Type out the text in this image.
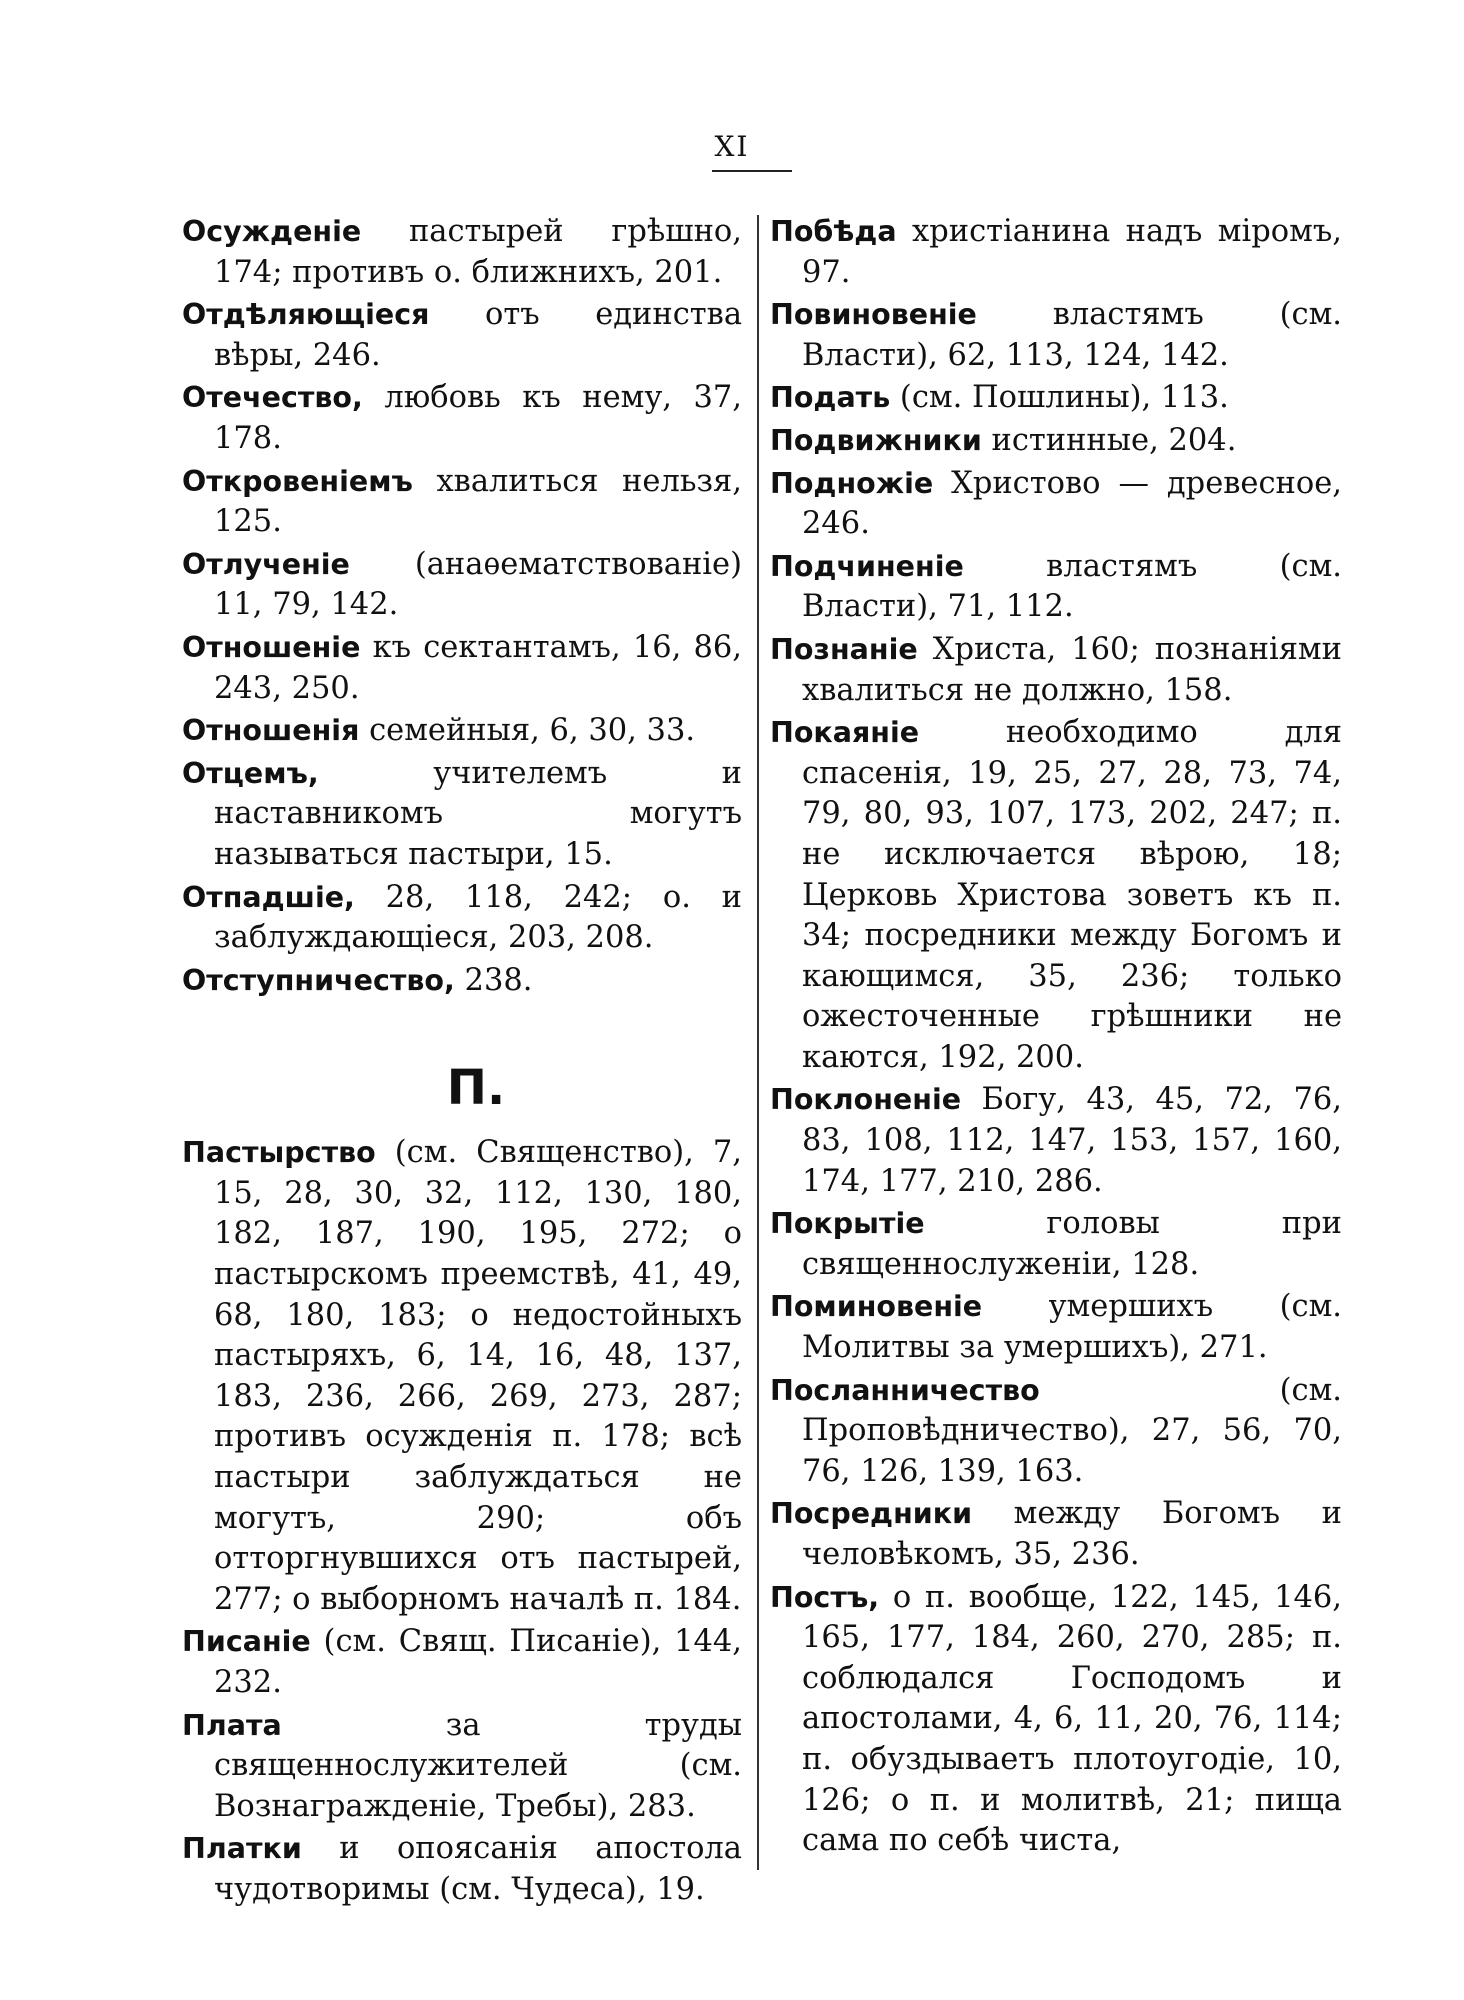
XI

Осужденіе пастырей грѣшно, 174; противъ о. ближнихъ, 201.

Отдѣляющіеся отъ единства вѣры, 246.

Отечество, любовь къ нему, 37, 178.

Откровеніемъ хвалиться нельзя, 125.

Отлученіе (анаѳематствованіе) 11, 79, 142.

Отношеніе къ сектантамъ, 16, 86, 243, 250.

Отношенія семейныя, 6, 30, 33.

Отцемъ, учителемъ и наставникомъ могутъ называться пастыри, 15.

Отпадшіе, 28, 118, 242; о. и заблуждающіеся, 203, 208.

Отступничество, 238.

П.

Пастырство (см. Священство), 7, 15, 28, 30, 32, 112, 130, 180, 182, 187, 190, 195, 272; о пастырскомъ преемствѣ, 41, 49, 68, 180, 183; о недостойныхъ пастыряхъ, 6, 14, 16, 48, 137, 183, 236, 266, 269, 273, 287; противъ осужденія п. 178; всѣ пастыри заблуждаться не могутъ, 290; объ отторгнувшихся отъ пастырей, 277; о выборномъ началѣ п. 184.

Писаніе (см. Свящ. Писаніе), 144, 232.

Плата за труды священнослужителей (см. Вознагражденіе, Требы), 283.

Платки и опоясанія апостола чудотворимы (см. Чудеса), 19.

Побѣда христіанина надъ міромъ, 97.

Повиновеніе властямъ (см. Власти), 62, 113, 124, 142.

Подать (см. Пошлины), 113.

Подвижники истинные, 204.

Подножіе Христово — древесное, 246.

Подчиненіе властямъ (см. Власти), 71, 112.

Познаніе Христа, 160; познаніями хвалиться не должно, 158.

Покаяніе необходимо для спасенія, 19, 25, 27, 28, 73, 74, 79, 80, 93, 107, 173, 202, 247; п. не исключается вѣрою, 18; Церковь Христова зоветъ къ п. 34; посредники между Богомъ и кающимся, 35, 236; только ожесточенные грѣшники не каются, 192, 200.

Поклоненіе Богу, 43, 45, 72, 76, 83, 108, 112, 147, 153, 157, 160, 174, 177, 210, 286.

Покрытіе головы при священнослуженіи, 128.

Поминовеніе умершихъ (см. Молитвы за умершихъ), 271.

Посланничество (см. Проповѣдничество), 27, 56, 70, 76, 126, 139, 163.

Посредники между Богомъ и человѣкомъ, 35, 236.

Постъ, о п. вообще, 122, 145, 146, 165, 177, 184, 260, 270, 285; п. соблюдался Господомъ и апостолами, 4, 6, 11, 20, 76, 114; п. обуздываетъ плотоугодіе, 10, 126; о п. и молитвѣ, 21; пища сама по себѣ чиста,
